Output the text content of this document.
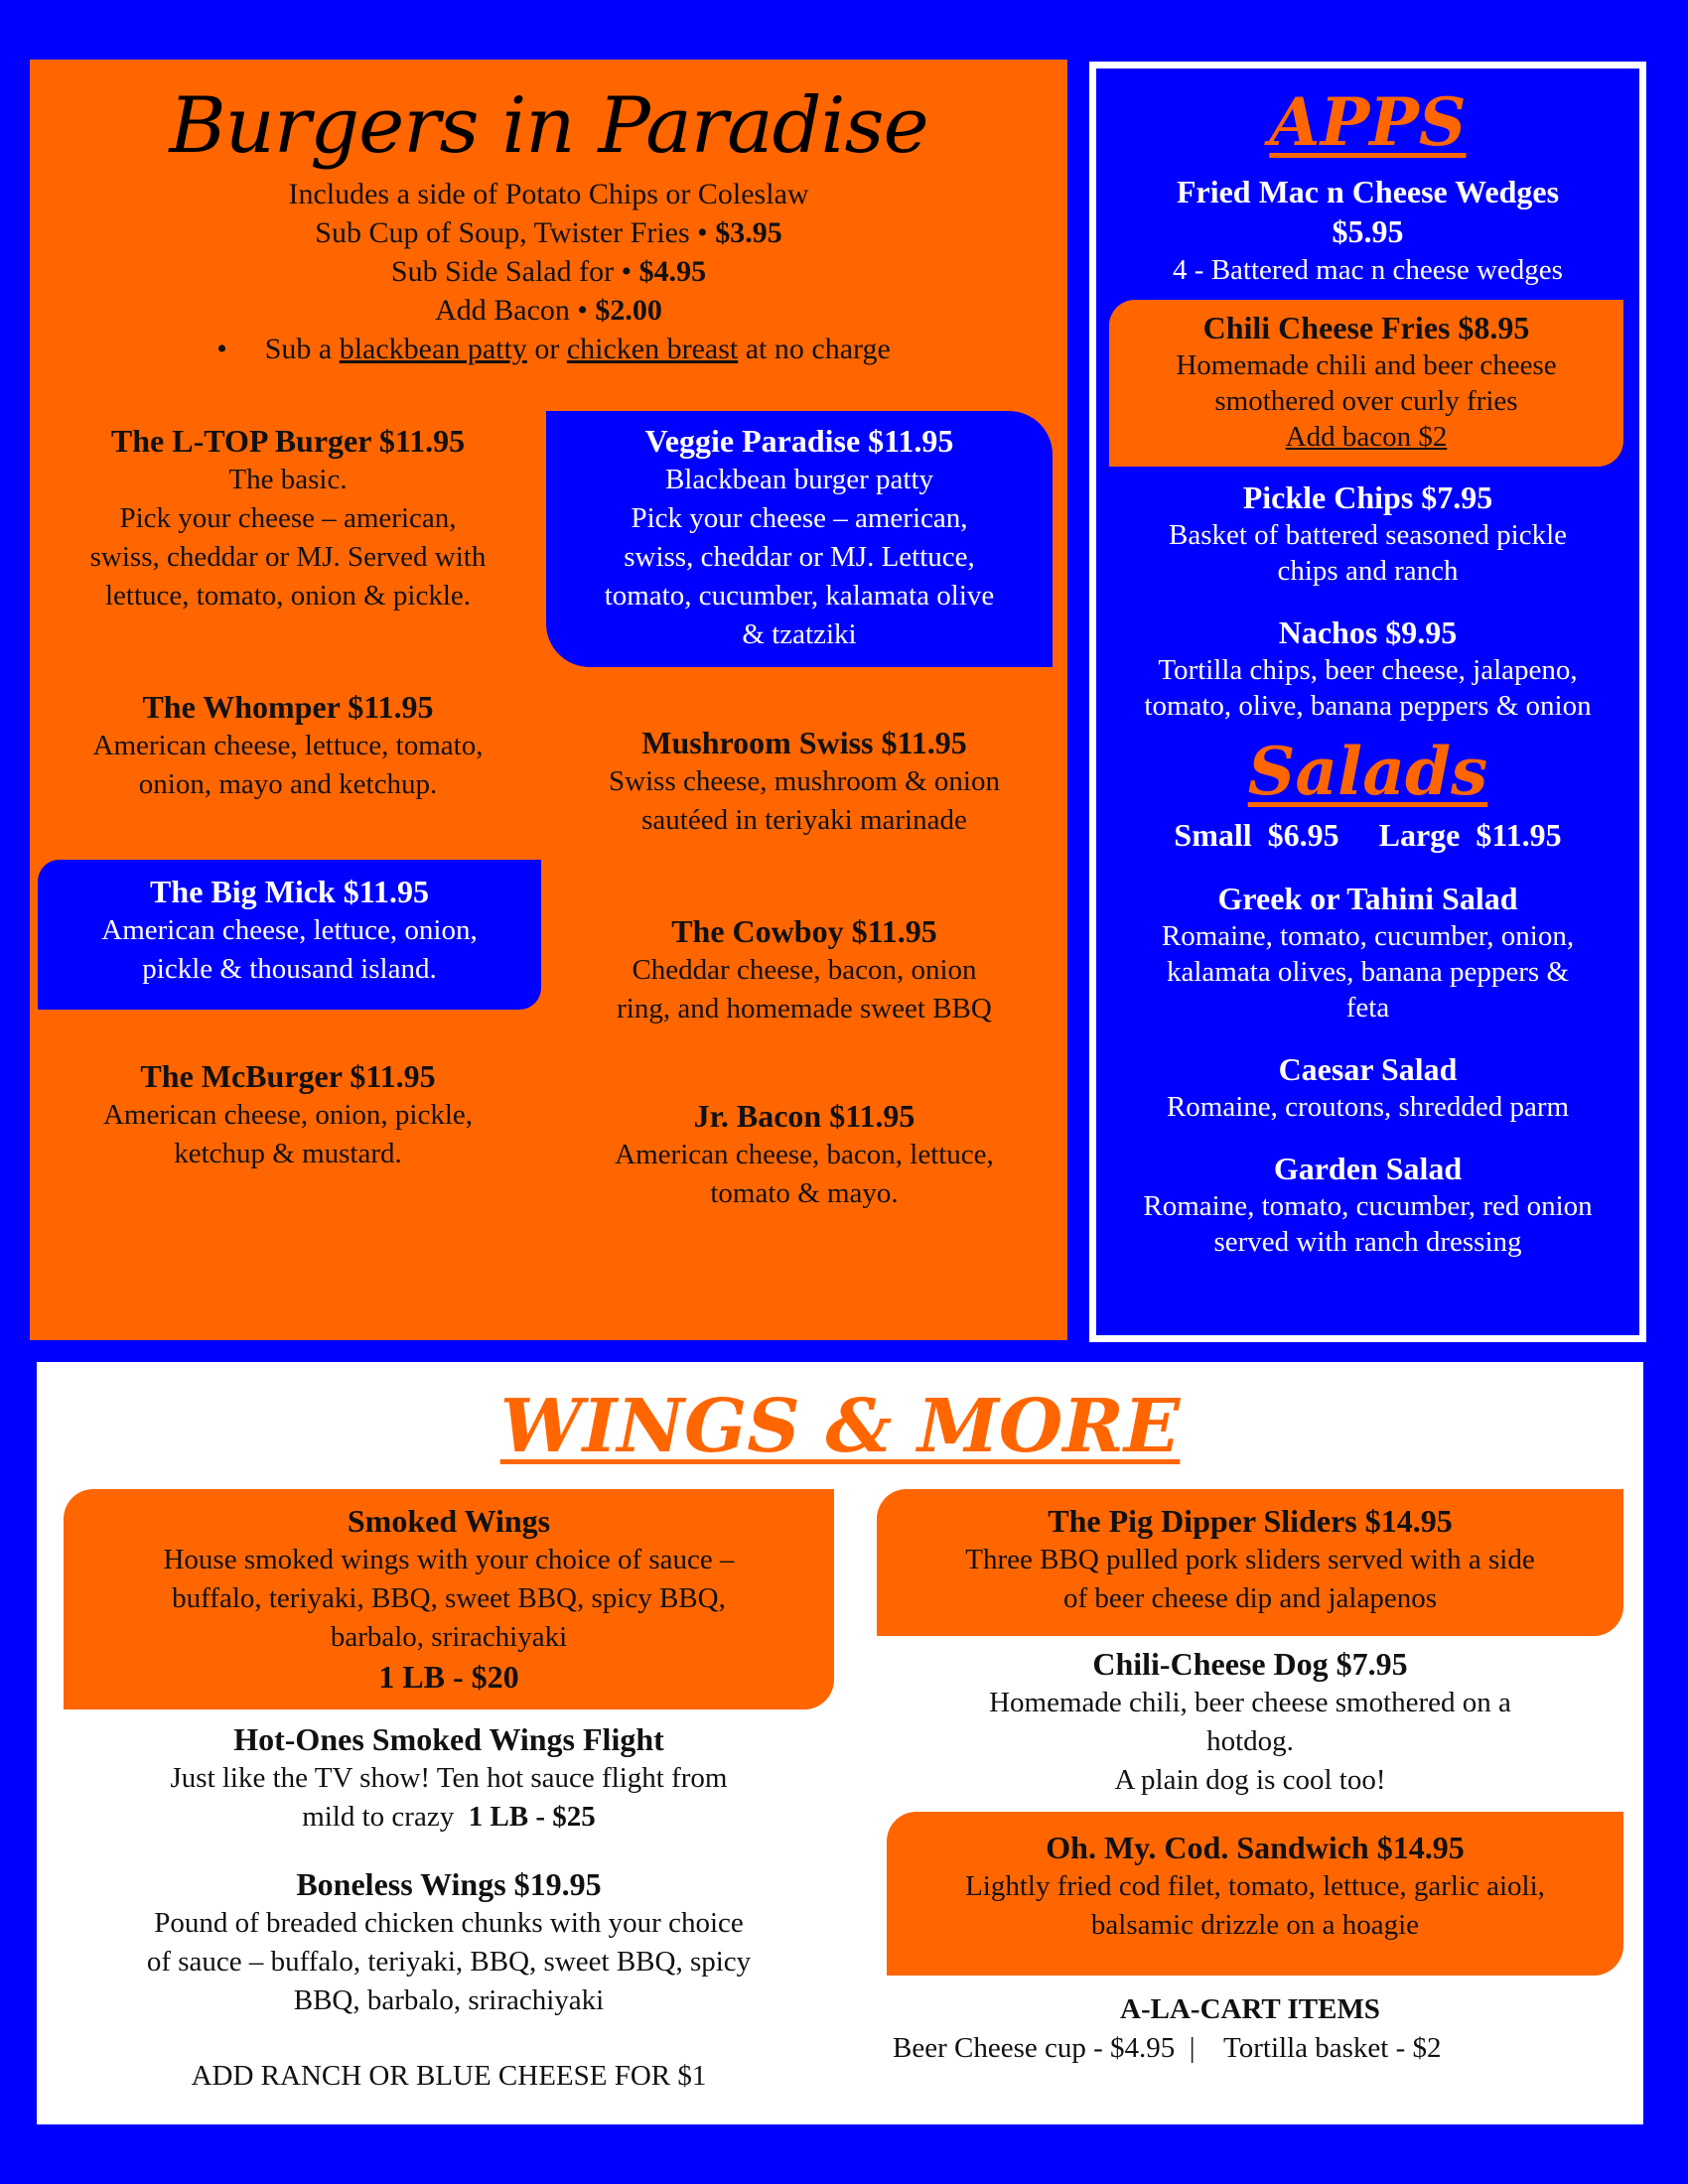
Burgers in Paradise
Includes a side of Potato Chips or Coleslaw
Sub Cup of Soup, Twister Fries • $3.95
Sub Side Salad for • $4.95
Add Bacon • $2.00
• Sub a blackbean patty or chicken breast at no charge
The L-TOP Burger $11.95
The basic.
Pick your cheese – american,
swiss, cheddar or MJ. Served with
lettuce, tomato, onion & pickle.
Veggie Paradise $11.95
Blackbean burger patty
Pick your cheese – american,
swiss, cheddar or MJ. Lettuce,
tomato, cucumber, kalamata olive
& tzatziki
The Whomper $11.95
American cheese, lettuce, tomato,
onion, mayo and ketchup.
Mushroom Swiss $11.95
Swiss cheese, mushroom & onion
sautéed in teriyaki marinade
The Big Mick $11.95
American cheese, lettuce, onion,
pickle & thousand island.
The Cowboy $11.95
Cheddar cheese, bacon, onion
ring, and homemade sweet BBQ
The McBurger $11.95
American cheese, onion, pickle,
ketchup & mustard.
Jr. Bacon $11.95
American cheese, bacon, lettuce,
tomato & mayo.
APPS
Fried Mac n Cheese Wedges
$5.95
4 - Battered mac n cheese wedges
Chili Cheese Fries $8.95
Homemade chili and beer cheese
smothered over curly fries
Add bacon $2
Pickle Chips $7.95
Basket of battered seasoned pickle
chips and ranch
Nachos $9.95
Tortilla chips, beer cheese, jalapeno,
tomato, olive, banana peppers & onion
Salads
Small  $6.95     Large  $11.95
Greek or Tahini Salad
Romaine, tomato, cucumber, onion,
kalamata olives, banana peppers &
feta
Caesar Salad
Romaine, croutons, shredded parm
Garden Salad
Romaine, tomato, cucumber, red onion
served with ranch dressing
WINGS & MORE
Smoked Wings
House smoked wings with your choice of sauce –
buffalo, teriyaki, BBQ, sweet BBQ, spicy BBQ,
barbalo, srirachiyaki
1 LB - $20
Hot-Ones Smoked Wings Flight
Just like the TV show! Ten hot sauce flight from
mild to crazy  1 LB - $25
Boneless Wings $19.95
Pound of breaded chicken chunks with your choice
of sauce – buffalo, teriyaki, BBQ, sweet BBQ, spicy
BBQ, barbalo, srirachiyaki
ADD RANCH OR BLUE CHEESE FOR $1
The Pig Dipper Sliders $14.95
Three BBQ pulled pork sliders served with a side
of beer cheese dip and jalapenos
Chili-Cheese Dog $7.95
Homemade chili, beer cheese smothered on a
hotdog.
A plain dog is cool too!
Oh. My. Cod. Sandwich $14.95
Lightly fried cod filet, tomato, lettuce, garlic aioli,
balsamic drizzle on a hoagie
A-LA-CART ITEMS
Beer Cheese cup - $4.95  |    Tortilla basket - $2
